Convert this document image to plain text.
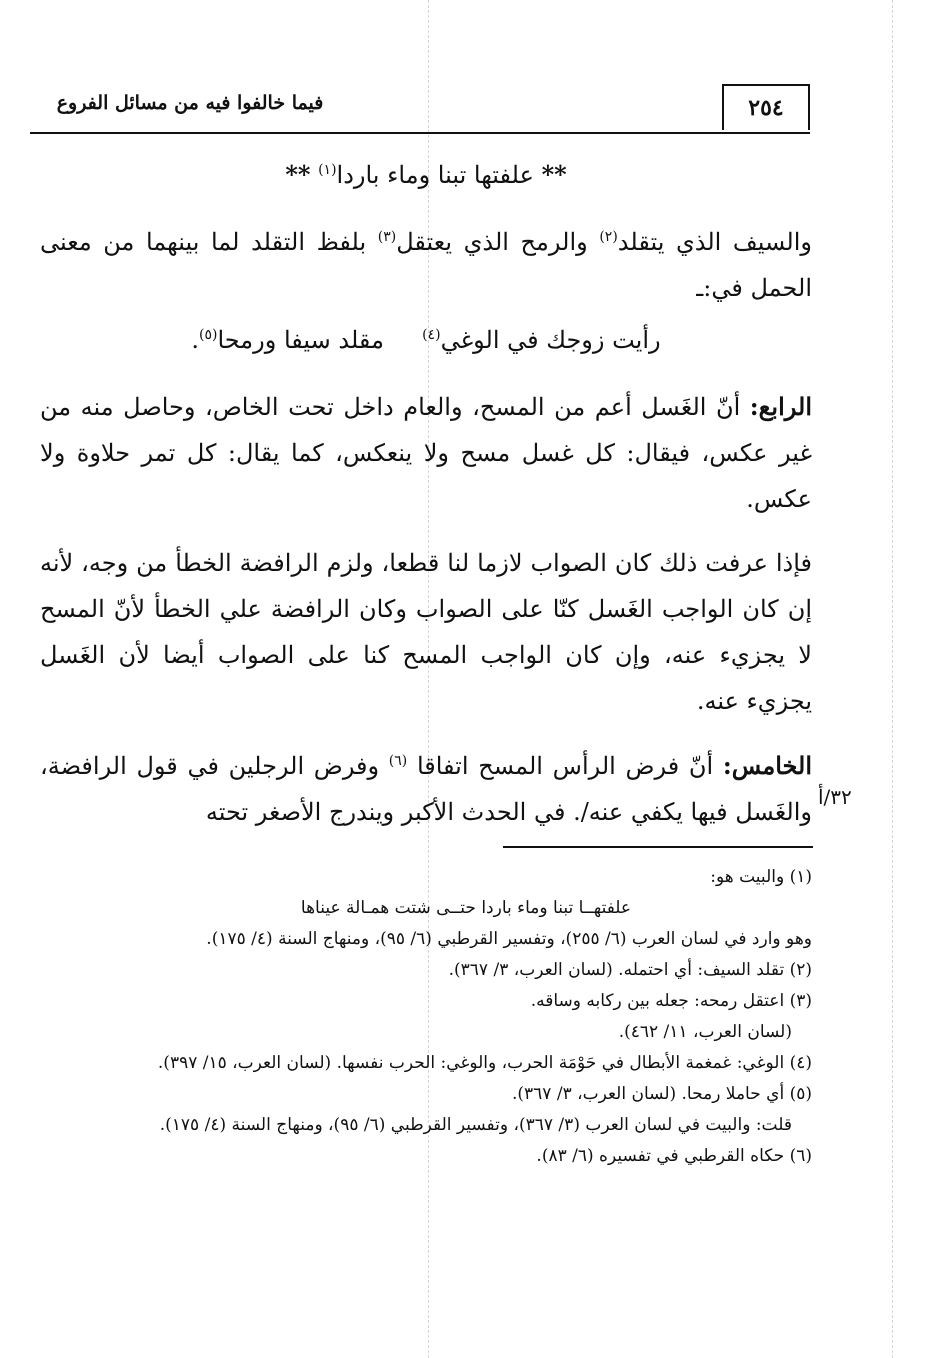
فيما خالفوا فيه من مسائل الفروع	٢٥٤
** علفتها تبنا وماء باردا$^{(١)}$ **
والسيف الذي يتقلد$^{(٢)}$ والرمح الذي يعتقل$^{(٣)}$ بلفظ التقلد لما بينهما من معنى الحمل في:ـ
رأيت زوجك في الوغي$^{(٤)}$     مقلد سيفا ورمحا$^{(٥)}$.
الرابع: أنّ الغَسل أعم من المسح، والعام داخل تحت الخاص، وحاصل منه من غير عكس، فيقال: كل غسل مسح ولا ينعكس، كما يقال: كل تمر حلاوة ولا عكس.
فإذا عرفت ذلك كان الصواب لازما لنا قطعا، ولزم الرافضة الخطأ من وجه، لأنه إن كان الواجب الغَسل كنّا على الصواب وكان الرافضة علي الخطأ لأنّ المسح لا يجزيء عنه، وإن كان الواجب المسح كنا على الصواب أيضا لأن الغَسل يجزيء عنه.
الخامس: أنّ فرض الرأس المسح اتفاقا $^{(٦)}$ وفرض الرجلين في قول الرافضة، والغَسل فيها يكفي عنه/. في الحدث الأكبر ويندرج الأصغر تحته
٣٢/أ

(١) والبيت هو:

علفتهــا تبنا وماء باردا حتــى شتت همـالة عيناها

وهو وارد في لسان العرب (٦/ ٢٥٥)، وتفسير القرطبي (٦/ ٩٥)، ومنهاج السنة (٤/ ١٧٥).

(٢) تقلد السيف: أي احتمله. (لسان العرب، ٣/ ٣٦٧).

(٣) اعتقل رمحه: جعله بين ركابه وساقه.

(لسان العرب، ١١/ ٤٦٢).

(٤) الوغي: غمغمة الأبطال في حَوْمَة الحرب، والوغي: الحرب نفسها. (لسان العرب، ١٥/ ٣٩٧).

(٥) أي حاملا رمحا. (لسان العرب، ٣/ ٣٦٧).

قلت: والبيت في لسان العرب (٣/ ٣٦٧)، وتفسير القرطبي (٦/ ٩٥)، ومنهاج السنة (٤/ ١٧٥).

(٦) حكاه القرطبي في تفسيره (٦/ ٨٣).
